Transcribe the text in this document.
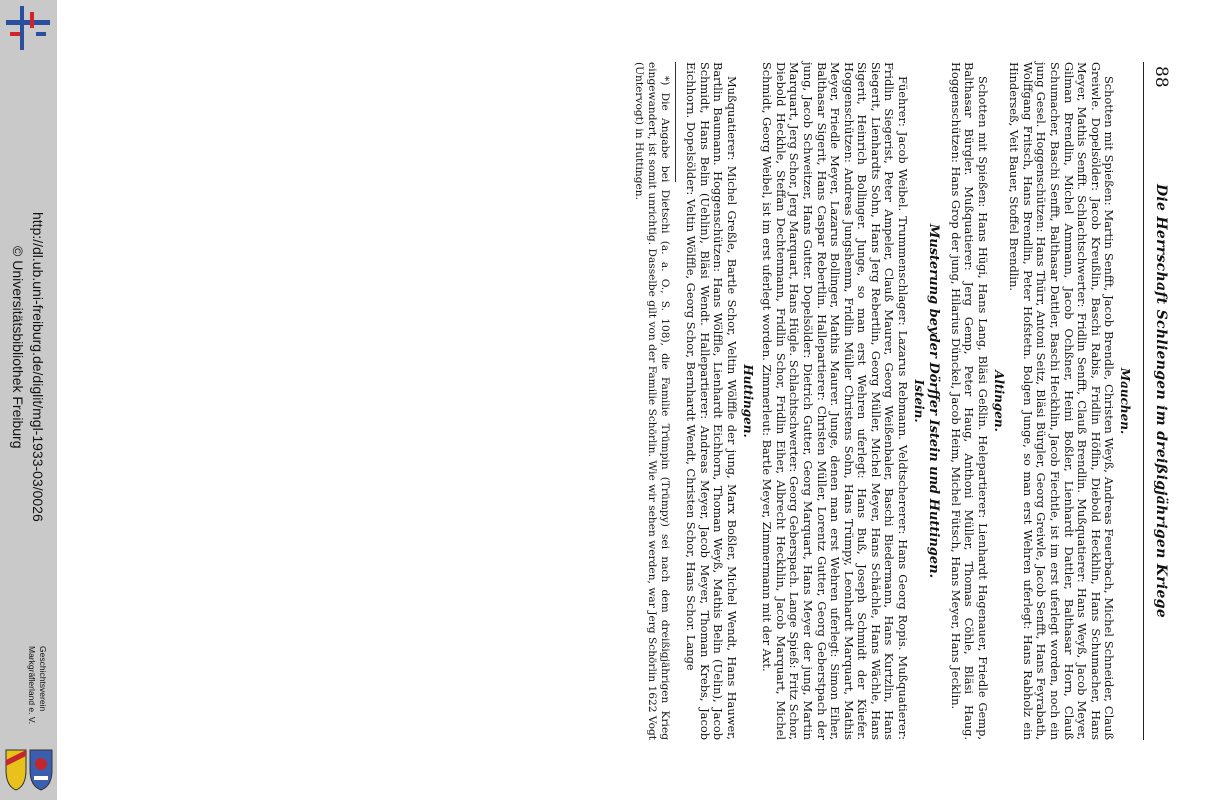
http://dl.ub.uni-freiburg.de/diglit/mgl-1933-03/0026
© Universitätsbibliothek Freiburg
Geschichtsverein
Markgräflerland e. V.
88
Die Herrschaft Schliengen im dreißigjährigen Kriege
Mauchen.

Schotten mit Spießen: Martin Senfft, Jacob Brendle, Christen Weyß, Andreas Feuerbach, Michel Schneider, Clauß Greiwle. Dopelsölder: Jacob Kreußlin, Baschi Rabis, Fridlin Höflin, Diebold Heckhlin, Hans Schumacher, Hans Meyer, Mathis Senfft. Schlachtschwerter: Fridlin Senfft, Clauß Brendlin. Mußquatierer: Hans Weyß, Jacob Meyer, Gilman Brendlin, Michel Ammann, Jacob Ochßner, Heini Boßler, Lienhardt Dattler, Balthasar Horn, Clauß Schumacher, Baschi Senfft, Balthasar Dattler, Baschi Heckhlin, Jacob Fiechtle, ist im erst uferlegt worden, noch ein jung Gesel. Hoggenschützen: Hans Thürr, Antoni Seitz, Bläsi Bürgler, Georg Greiwle, Jacob Senfft, Hans Feyrabath, Wolffgang Fritsch, Hans Brendlin, Peter Hofstetn. Bolgen Junge, so man erst Wehren uferlegt: Hans Rabholz ein Hinderseß, Veit Bauer, Stoffel Brendlin.

Altingen.

Schotten mit Spießen: Hans Hügi, Hans Lang, Bläsi Geßlin. Helepartierer: Lienhardt Hagenauer, Friedle Gemp, Balthasar Bürgler. Mußquatierer: Jerg Gemp, Peter Haug, Anthoni Müller, Thomas Cöhle, Bläsi Haug. Hoggenschützen: Hans Grop der jung, Hilarius Dünckel, Jacob Heim, Michel Fütsch, Hans Meyer, Hans Jecklin.

Musterung beyder Dörffer Istein und Huttingen.
Istein.

Füehrer: Jacob Weibel. Trummenschlager: Lazarus Rebmann. Veldtschererer: Hans Georg Ropis. Mußquatierer: Fridlin Siegerist, Peter Ampeler, Clauß Maurer, Georg Weißenbaler, Baschi Biedermann, Hans Kurtzlin, Hans Siegerit, Lienhardts Sohn, Hans Jerg Rebertlin, Georg Müller, Michel Meyer, Hans Schächle, Hans Wächle, Hans Sigerit, Heinrich Bollinger. Junge, so man erst Wehren uferlegt: Hans Buß, Joseph Schmidt der Küefer. Hoggenschützen: Andreas Jungshemm, Fridlin Müller Christens Sohn, Hans Trümpy, Leonhardt Marquart, Mathis Meyer, Friedle Meyer, Lazarus Bollinger, Mathis Maurer. Junge, denen man erst Wehren uferlegt: Simon Eiher, Balthasar Sigerit, Hans Caspar Rebertlin. Hallepartierer: Christen Müller, Lorentz Gutter, Georg Geberstpach der jung, Jacob Schweitzer, Hans Gutter. Dopelsölder: Dietrich Gutter, Georg Marquart, Hans Meyer der jung, Martin Marquart, Jerg Schor, Jerg Marquart, Hans Hügle. Schlachtschwerter: Georg Geberspach. Lange Spieß: Fritz Schor, Diebold Heckhle, Steffan Dechtenmann, Fridlin Schor, Fridlin Eiher, Albrecht Heckhlin, Jacob Marquart, Michel Schmidt, Georg Weibel, ist im erst uferlegt worden. Zimmerleut: Bartle Meyer, Zimmermann mit der Axt.

Huttingen.

Mußquatierer: Michel Greßle, Bartle Schor, Veltin Wölffle der jung, Marx Boßler, Michel Wendt, Hans Hauwer, Bartlin Baumann. Hoggenschützen: Hans Wölffle, Lienhardt Eichhorn, Thoman Weyß, Mathis Belin (Uelin), Jacob Schmidt, Hans Belin (Uehlin), Bläsi Wendt. Hallepartierer: Andreas Meyer, Jacob Meyer, Thoman Krebs, Jacob Eichhorn. Dopelsölder: Veltin Wölffle, Georg Schor, Bernhardt Wendt, Christen Schor, Hans Schor. Lange

*) Die Angabe bei Dietschi (a. a. O., S. 108), die Familie Trümpin (Trümpy) sei nach dem dreißigjährigen Krieg eingewandert, ist somit unrichtig. Dasselbe gilt von der Familie Schörlin. Wie wir sehen werden, war Jerg Schörlin 1622 Vogt (Untervogt) in Huttingen.
